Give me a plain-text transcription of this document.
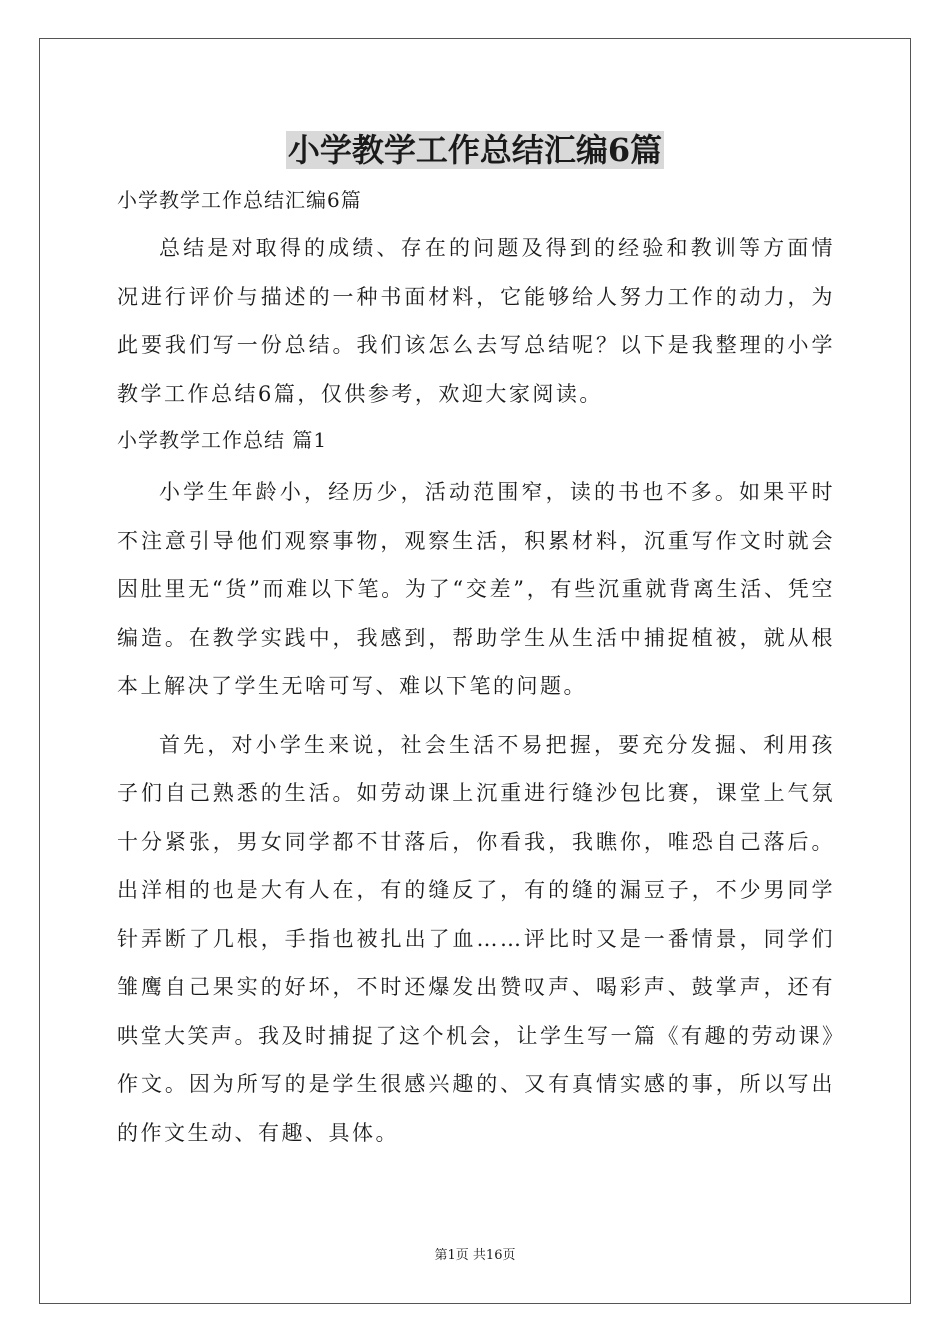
小学教学工作总结汇编6篇

小学教学工作总结汇编6篇

总结是对取得的成绩、存在的问题及得到的经验和教训等方面情况进行评价与描述的一种书面材料，它能够给人努力工作的动力，为此要我们写一份总结。我们该怎么去写总结呢？以下是我整理的小学教学工作总结6篇，仅供参考，欢迎大家阅读。

小学教学工作总结 篇1

小学生年龄小，经历少，活动范围窄，读的书也不多。如果平时不注意引导他们观察事物，观察生活，积累材料，沉重写作文时就会因肚里无“货”而难以下笔。为了“交差”，有些沉重就背离生活、凭空编造。在教学实践中，我感到，帮助学生从生活中捕捉植被，就从根本上解决了学生无啥可写、难以下笔的问题。

首先，对小学生来说，社会生活不易把握，要充分发掘、利用孩子们自己熟悉的生活。如劳动课上沉重进行缝沙包比赛，课堂上气氛十分紧张，男女同学都不甘落后，你看我，我瞧你，唯恐自己落后。出洋相的也是大有人在，有的缝反了，有的缝的漏豆子，不少男同学针弄断了几根，手指也被扎出了血……评比时又是一番情景，同学们雏鹰自己果实的好坏，不时还爆发出赞叹声、喝彩声、鼓掌声，还有哄堂大笑声。我及时捕捉了这个机会，让学生写一篇《有趣的劳动课》作文。因为所写的是学生很感兴趣的、又有真情实感的事，所以写出的作文生动、有趣、具体。

第1页 共16页
